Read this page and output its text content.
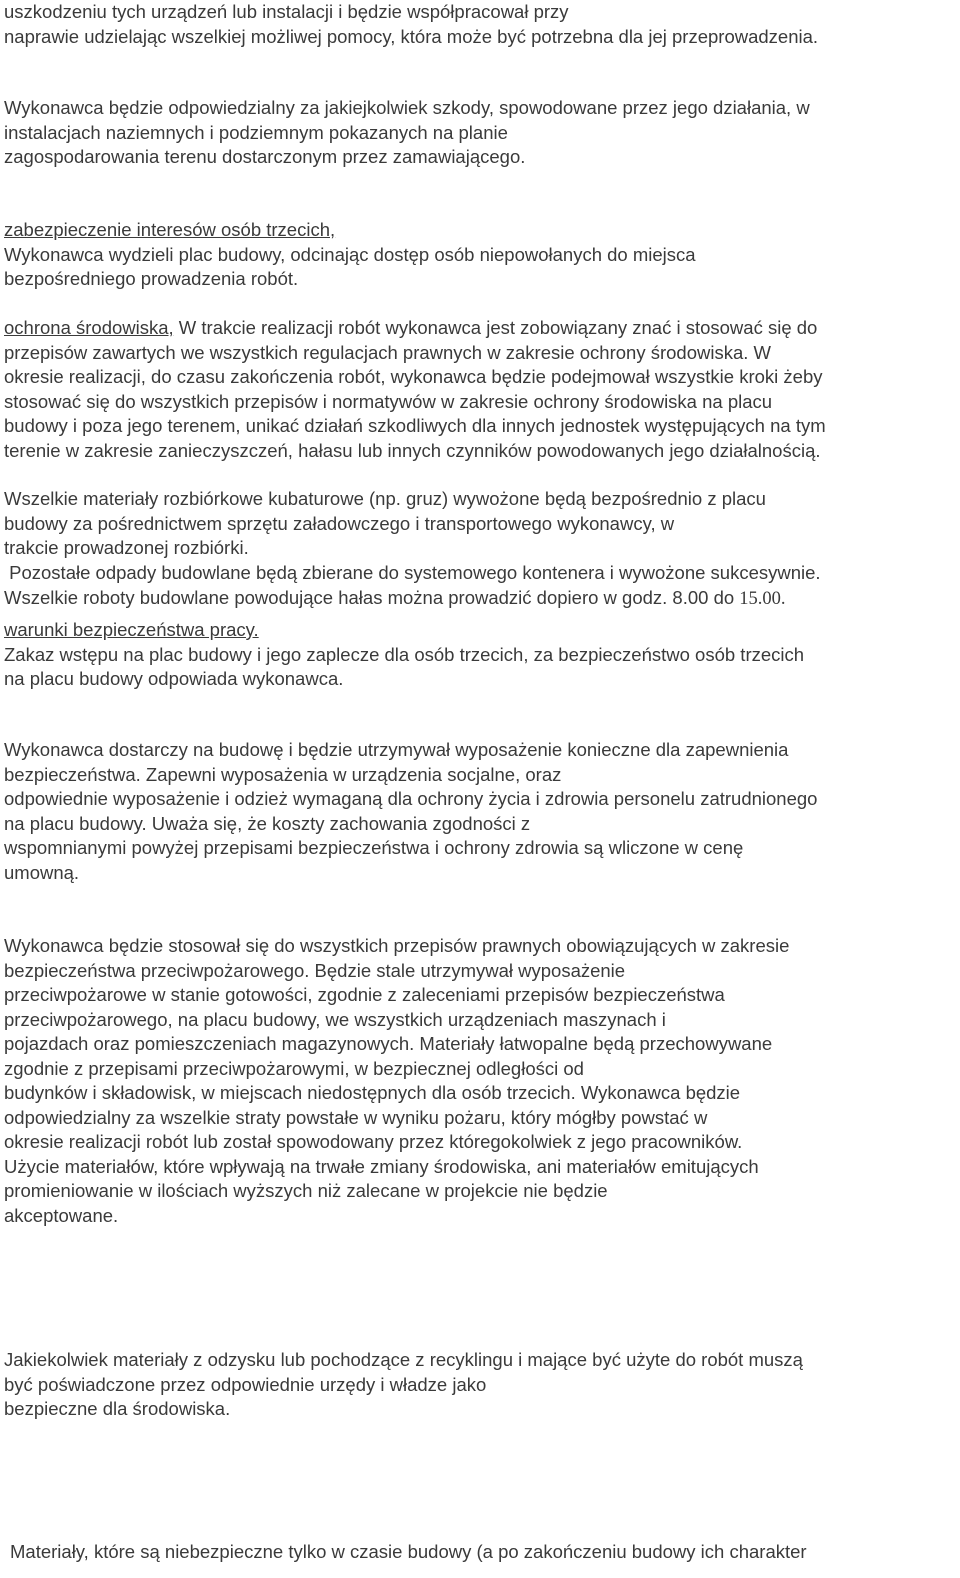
uszkodzeniu tych urządzeń lub instalacji i będzie współpracował przy
naprawie udzielając wszelkiej możliwej pomocy, która może być potrzebna dla jej przeprowadzenia.
Wykonawca będzie odpowiedzialny za jakiejkolwiek szkody, spowodowane przez jego działania, w
instalacjach naziemnych i podziemnym pokazanych na planie
zagospodarowania terenu dostarczonym przez zamawiającego.
zabezpieczenie interesów osób trzecich,
Wykonawca wydzieli plac budowy, odcinając dostęp osób niepowołanych do miejsca
bezpośredniego prowadzenia robót.
ochrona środowiska, W trakcie realizacji robót wykonawca jest zobowiązany znać i stosować się do
przepisów zawartych we wszystkich regulacjach prawnych w zakresie ochrony środowiska. W
okresie realizacji, do czasu zakończenia robót, wykonawca będzie podejmował wszystkie kroki żeby
stosować się do wszystkich przepisów i normatywów w zakresie ochrony środowiska na placu
budowy i poza jego terenem, unikać działań szkodliwych dla innych jednostek występujących na tym
terenie w zakresie zanieczyszczeń, hałasu lub innych czynników powodowanych jego działalnością.
Wszelkie materiały rozbiórkowe kubaturowe (np. gruz) wywożone będą bezpośrednio z placu
budowy za pośrednictwem sprzętu załadowczego i transportowego wykonawcy, w
trakcie prowadzonej rozbiórki.
Pozostałe odpady budowlane będą zbierane do systemowego kontenera i wywożone sukcesywnie.
Wszelkie roboty budowlane powodujące hałas można prowadzić dopiero w godz. 8.00 do 15.00.
warunki bezpieczeństwa pracy.
Zakaz wstępu na plac budowy i jego zaplecze dla osób trzecich, za bezpieczeństwo osób trzecich
na placu budowy odpowiada wykonawca.
Wykonawca dostarczy na budowę i będzie utrzymywał wyposażenie konieczne dla zapewnienia
bezpieczeństwa. Zapewni wyposażenia w urządzenia socjalne, oraz
odpowiednie wyposażenie i odzież wymaganą dla ochrony życia i zdrowia personelu zatrudnionego
na placu budowy. Uważa się, że koszty zachowania zgodności z
wspomnianymi powyżej przepisami bezpieczeństwa i ochrony zdrowia są wliczone w cenę
umowną.
Wykonawca będzie stosował się do wszystkich przepisów prawnych obowiązujących w zakresie
bezpieczeństwa przeciwpożarowego. Będzie stale utrzymywał wyposażenie
przeciwpożarowe w stanie gotowości, zgodnie z zaleceniami przepisów bezpieczeństwa
przeciwpożarowego, na placu budowy, we wszystkich urządzeniach maszynach i
pojazdach oraz pomieszczeniach magazynowych. Materiały łatwopalne będą przechowywane
zgodnie z przepisami przeciwpożarowymi, w bezpiecznej odległości od
budynków i składowisk, w miejscach niedostępnych dla osób trzecich. Wykonawca będzie
odpowiedzialny za wszelkie straty powstałe w wyniku pożaru, który mógłby powstać w
okresie realizacji robót lub został spowodowany przez któregokolwiek z jego pracowników.
Użycie materiałów, które wpływają na trwałe zmiany środowiska, ani materiałów emitujących
promieniowanie w ilościach wyższych niż zalecane w projekcie nie będzie
akceptowane.
Jakiekolwiek materiały z odzysku lub pochodzące z recyklingu i mające być użyte do robót muszą
być poświadczone przez odpowiednie urzędy i władze jako
bezpieczne dla środowiska.
Materiały, które są niebezpieczne tylko w czasie budowy (a po zakończeniu budowy ich charakter
